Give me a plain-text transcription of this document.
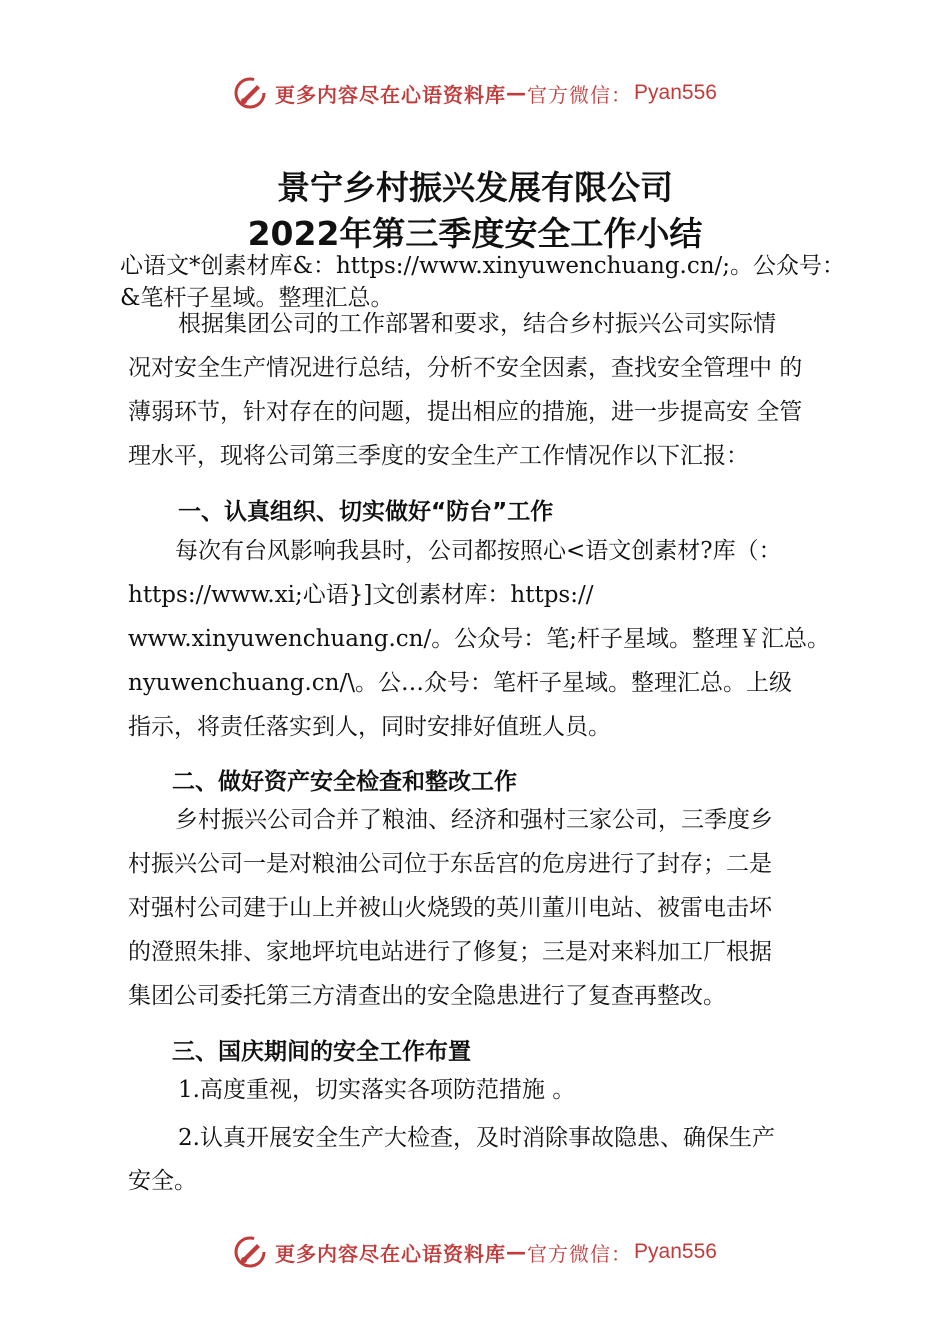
更多内容尽在心语资料库 — 官方微信： Pyan556
景宁乡村振兴发展有限公司
2022年第三季度安全工作小结
心语文*创素材库&：https://www.xinyuwenchuang.cn/;。公众号：
&笔杆子星域。整理汇总。
根据集团公司的工作部署和要求，结合乡村振兴公司实际情
况对安全生产情况进行总结，分析不安全因素，查找安全管理中 的
薄弱环节，针对存在的问题，提出相应的措施，进一步提高安 全管
理水平，现将公司第三季度的安全生产工作情况作以下汇报：
一、认真组织、切实做好“防台”工作
每次有台风影响我县时，公司都按照心<语文创素材?库（：
https://www.xi;心语}]文创素材库：https://
www.xinyuwenchuang.cn/。公众号：笔;杆子星域。整理￥汇总。
nyuwenchuang.cn/\。公…众号：笔杆子星域。整理汇总。上级
指示，将责任落实到人，同时安排好值班人员。
二、做好资产安全检查和整改工作
乡村振兴公司合并了粮油、经济和强村三家公司，三季度乡
村振兴公司一是对粮油公司位于东岳宫的危房进行了封存；二是
对强村公司建于山上并被山火烧毁的英川董川电站、被雷电击坏
的澄照朱排、家地坪坑电站进行了修复；三是对来料加工厂根据
集团公司委托第三方清查出的安全隐患进行了复查再整改。
三、国庆期间的安全工作布置
1.高度重视，切实落实各项防范措施 。
2.认真开展安全生产大检查，及时消除事故隐患、确保生产
安全。
更多内容尽在心语资料库 — 官方微信： Pyan556
